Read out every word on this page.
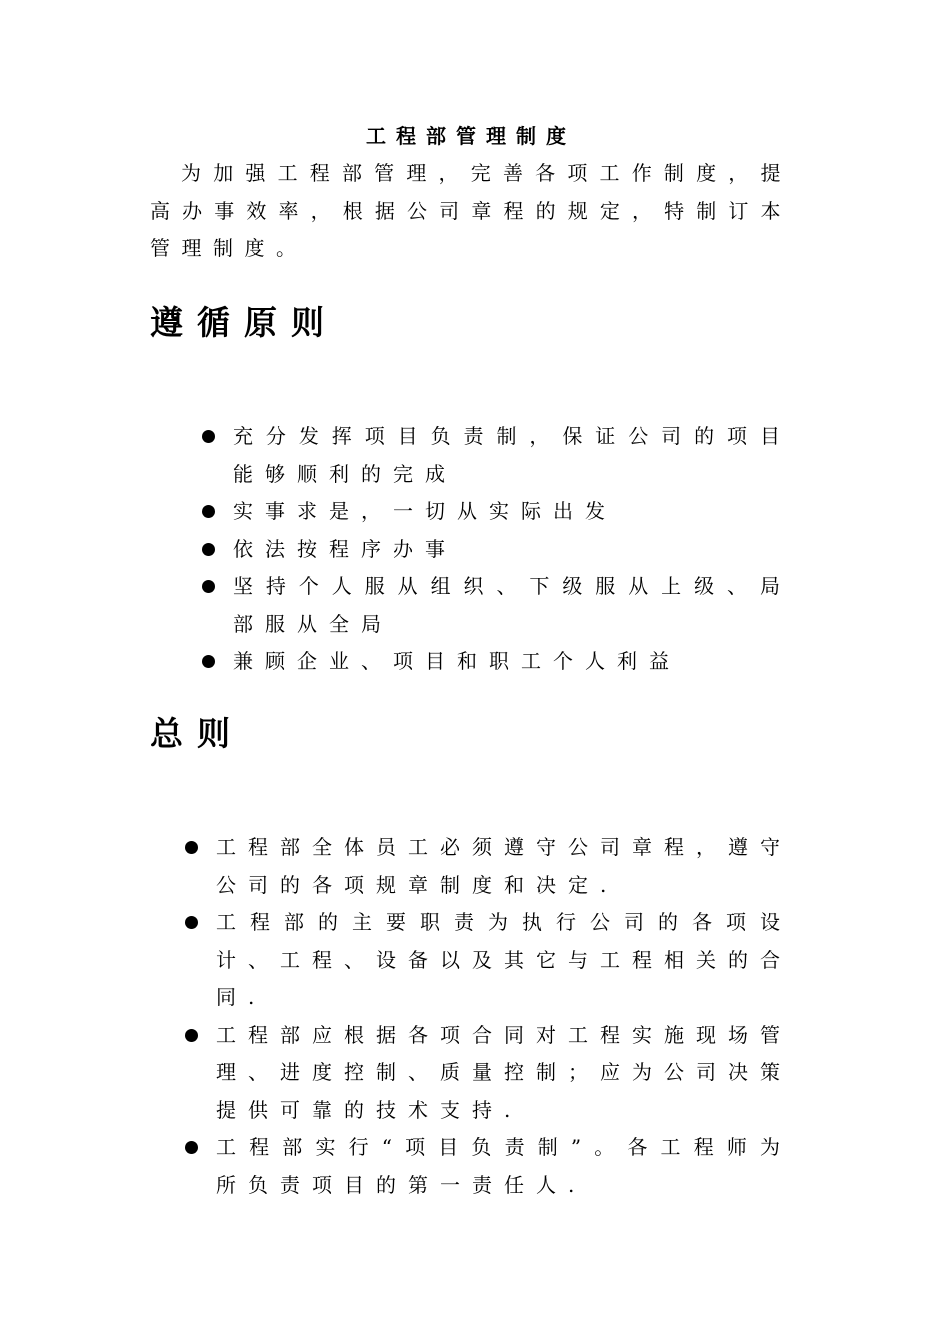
工程部管理制度

为加强工程部管理，完善各项工作制度，提高办事效率，根据公司章程的规定，特制订本管理制度。

遵循原则
充分发挥项目负责制，保证公司的项目能够顺利的完成
实事求是，一切从实际出发
依法按程序办事
坚持个人服从组织、下级服从上级、局部服从全局
兼顾企业、项目和职工个人利益
总则
工程部全体员工必须遵守公司章程，遵守公司的各项规章制度和决定.
工程部的主要职责为执行公司的各项设计、工程、设备以及其它与工程相关的合同.
工程部应根据各项合同对工程实施现场管理、进度控制、质量控制；应为公司决策提供可靠的技术支持.
工程部实行“项目负责制”。各工程师为所负责项目的第一责任人.
